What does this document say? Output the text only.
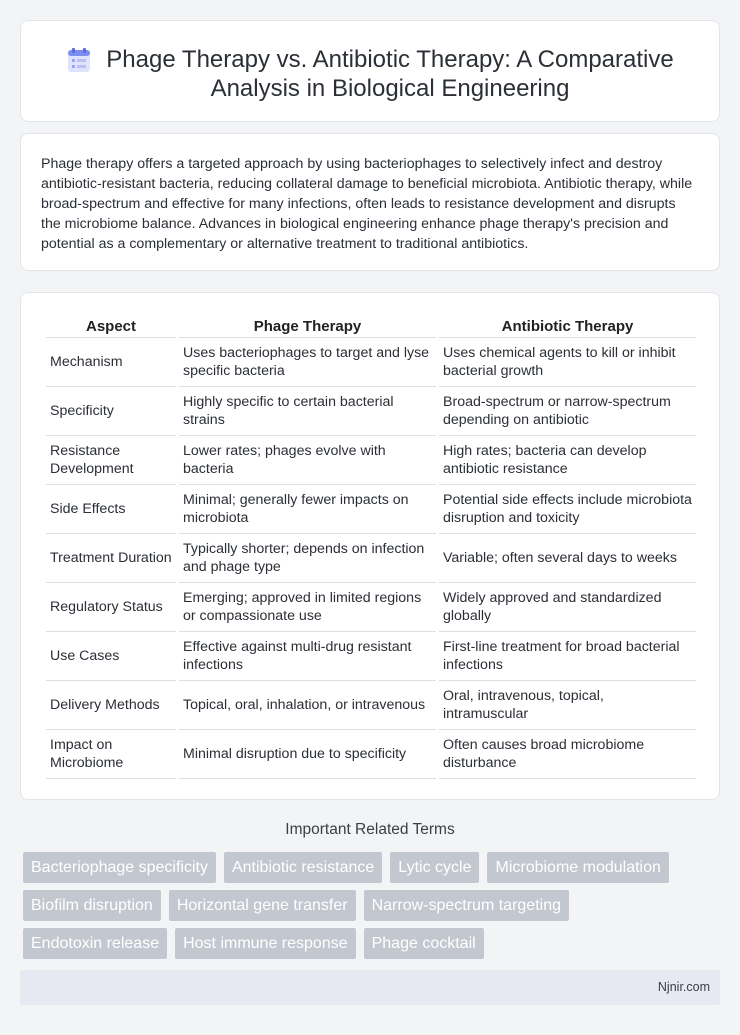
Phage Therapy vs. Antibiotic Therapy: A Comparative Analysis in Biological Engineering

Phage therapy offers a targeted approach by using bacteriophages to selectively infect and destroy antibiotic-resistant bacteria, reducing collateral damage to beneficial microbiota. Antibiotic therapy, while broad-spectrum and effective for many infections, often leads to resistance development and disrupts the microbiome balance. Advances in biological engineering enhance phage therapy's precision and potential as a complementary or alternative treatment to traditional antibiotics.

Aspect	Phage Therapy	Antibiotic Therapy
Mechanism	Uses bacteriophages to target and lyse specific bacteria	Uses chemical agents to kill or inhibit bacterial growth
Specificity	Highly specific to certain bacterial strains	Broad-spectrum or narrow-spectrum depending on antibiotic
Resistance Development	Lower rates; phages evolve with bacteria	High rates; bacteria can develop antibiotic resistance
Side Effects	Minimal; generally fewer impacts on microbiota	Potential side effects include microbiota disruption and toxicity
Treatment Duration	Typically shorter; depends on infection and phage type	Variable; often several days to weeks
Regulatory Status	Emerging; approved in limited regions or compassionate use	Widely approved and standardized globally
Use Cases	Effective against multi-drug resistant infections	First-line treatment for broad bacterial infections
Delivery Methods	Topical, oral, inhalation, or intravenous	Oral, intravenous, topical, intramuscular
Impact on Microbiome	Minimal disruption due to specificity	Often causes broad microbiome disturbance
Important Related Terms
Bacteriophage specificity	Antibiotic resistance	Lytic cycle	Microbiome modulation
Biofilm disruption	Horizontal gene transfer	Narrow-spectrum targeting
Endotoxin release	Host immune response	Phage cocktail
Njnir.com
